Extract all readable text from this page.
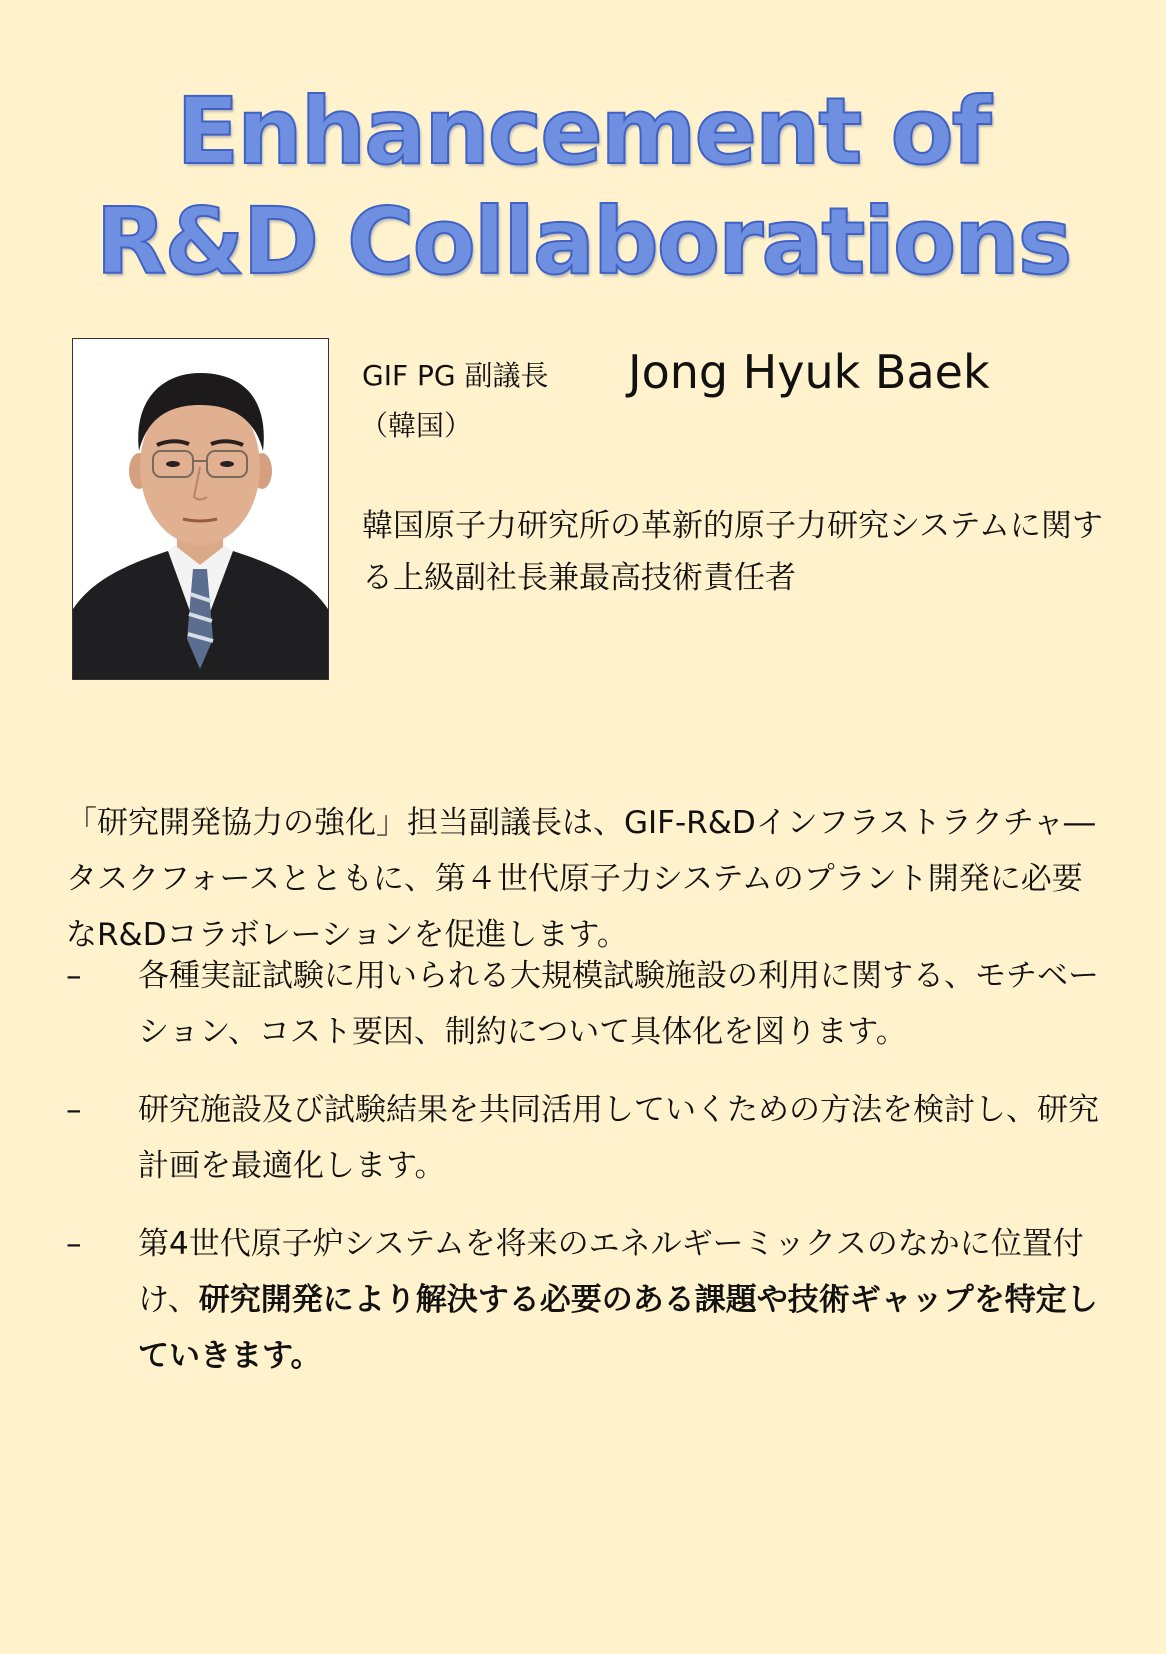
Enhancement of
R&D Collaborations
GIF PG 副議長 Jong Hyuk Baek
（韓国）
韓国原子力研究所の革新的原子力研究システムに関する上級副社長兼最高技術責任者

「研究開発協力の強化」担当副議長は、GIF-R&Dインフラストラクチャ―タスクフォースとともに、第４世代原子力システムのプラント開発に必要なR&Dコラボレーションを促進します。

–	各種実証試験に用いられる大規模試験施設の利用に関する、モチベーション、コスト要因、制約について具体化を図ります。
–	研究施設及び試験結果を共同活用していくための方法を検討し、研究計画を最適化します。
–	第4世代原子炉システムを将来のエネルギーミックスのなかに位置付け、研究開発により解決する必要のある課題や技術ギャップを特定していきます。
